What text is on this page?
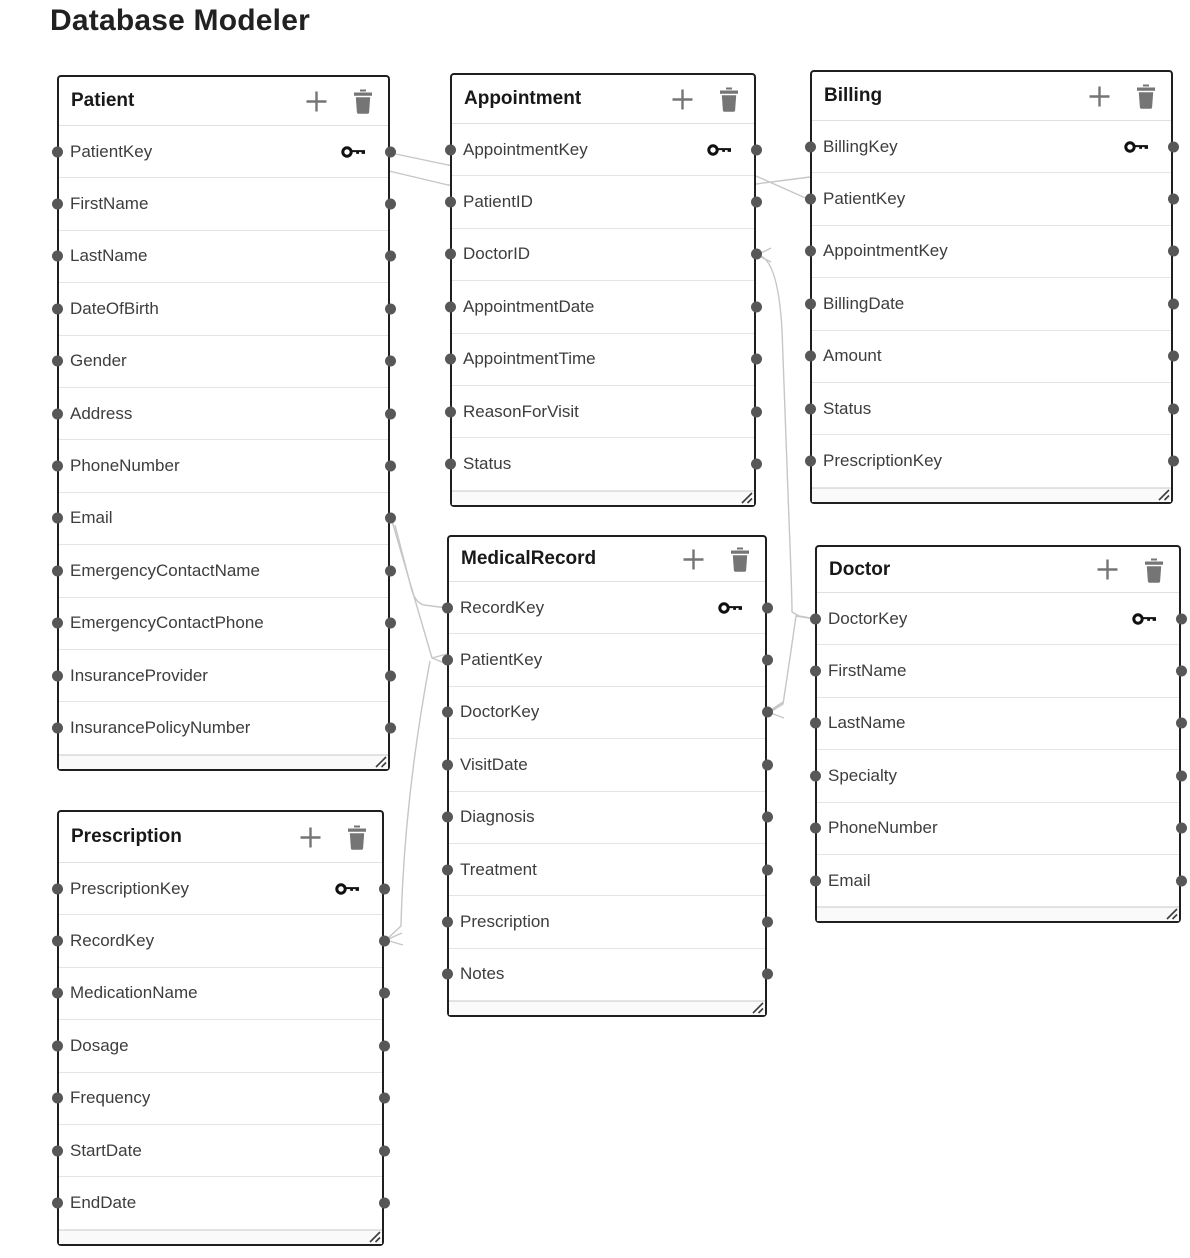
Database Modeler
Patient
PatientKey
FirstName
LastName
DateOfBirth
Gender
Address
PhoneNumber
Email
EmergencyContactName
EmergencyContactPhone
InsuranceProvider
InsurancePolicyNumber
Appointment
AppointmentKey
PatientID
DoctorID
AppointmentDate
AppointmentTime
ReasonForVisit
Status
Billing
BillingKey
PatientKey
AppointmentKey
BillingDate
Amount
Status
PrescriptionKey
MedicalRecord
RecordKey
PatientKey
DoctorKey
VisitDate
Diagnosis
Treatment
Prescription
Notes
Doctor
DoctorKey
FirstName
LastName
Specialty
PhoneNumber
Email
Prescription
PrescriptionKey
RecordKey
MedicationName
Dosage
Frequency
StartDate
EndDate
